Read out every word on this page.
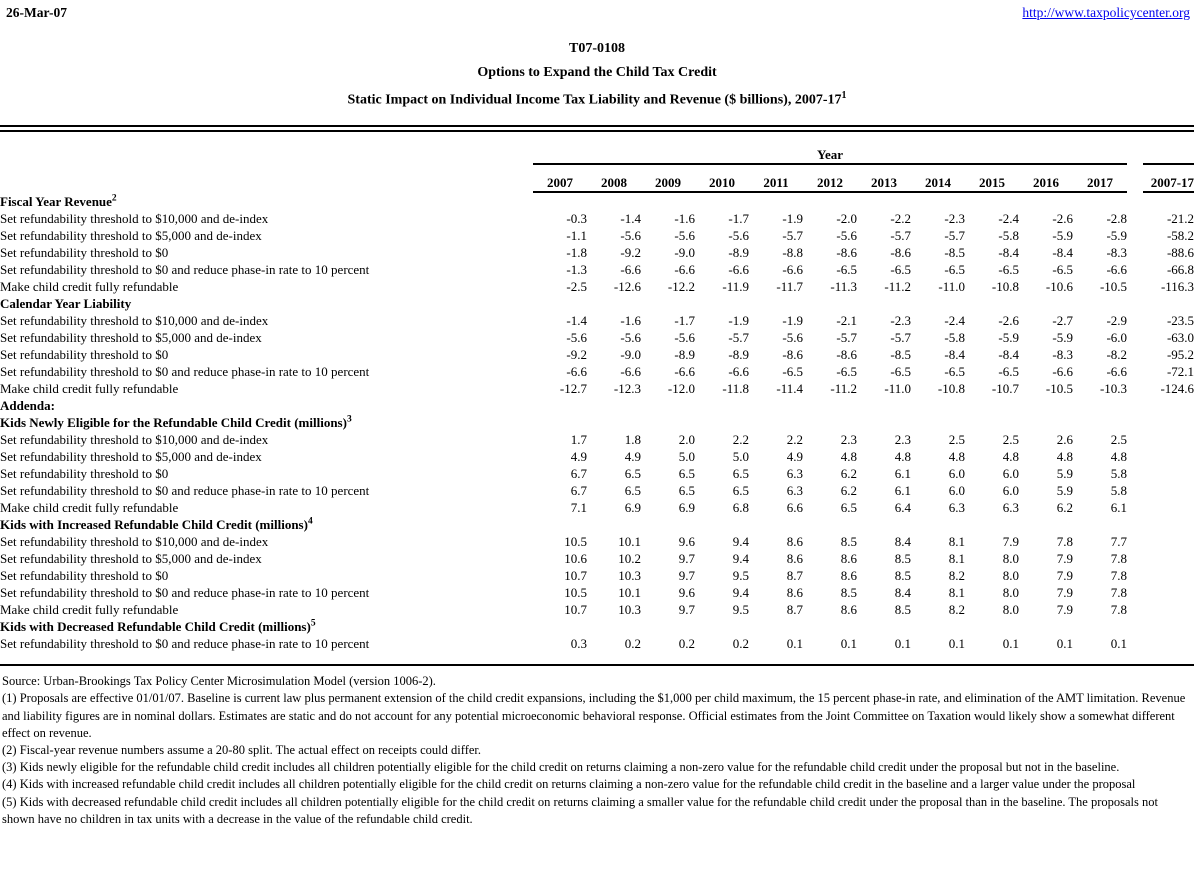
26-Mar-07	http://www.taxpolicycenter.org
T07-0108
Options to Expand the Child Tax Credit
Static Impact on Individual Income Tax Liability and Revenue ($ billions), $2007-17^1$
	Year												
	2007	2008	2009	2010	2011	2012	2013	2014	2015	2016	2017		2007-17
Fiscal Year Revenue$^2$
Set refundability threshold to $10,000 and de-index	-0.3	-1.4	-1.6	-1.7	-1.9	-2.0	-2.2	-2.3	-2.4	-2.6	-2.8		-21.2
Set refundability threshold to $5,000 and de-index	-1.1	-5.6	-5.6	-5.6	-5.7	-5.6	-5.7	-5.7	-5.8	-5.9	-5.9		-58.2
Set refundability threshold to $0	-1.8	-9.2	-9.0	-8.9	-8.8	-8.6	-8.6	-8.5	-8.4	-8.4	-8.3		-88.6
Set refundability threshold to $0 and reduce phase-in rate to 10 percent	-1.3	-6.6	-6.6	-6.6	-6.6	-6.5	-6.5	-6.5	-6.5	-6.5	-6.6		-66.8
Make child credit fully refundable	-2.5	-12.6	-12.2	-11.9	-11.7	-11.3	-11.2	-11.0	-10.8	-10.6	-10.5		-116.3
Calendar Year Liability													
Set refundability threshold to $10,000 and de-index	-1.4	-1.6	-1.7	-1.9	-1.9	-2.1	-2.3	-2.4	-2.6	-2.7	-2.9		-23.5
Set refundability threshold to $5,000 and de-index	-5.6	-5.6	-5.6	-5.7	-5.6	-5.7	-5.7	-5.8	-5.9	-5.9	-6.0		-63.0
Set refundability threshold to $0	-9.2	-9.0	-8.9	-8.9	-8.6	-8.6	-8.5	-8.4	-8.4	-8.3	-8.2		-95.2
Set refundability threshold to $0 and reduce phase-in rate to 10 percent	-6.6	-6.6	-6.6	-6.6	-6.5	-6.5	-6.5	-6.5	-6.5	-6.6	-6.6		-72.1
Make child credit fully refundable	-12.7	-12.3	-12.0	-11.8	-11.4	-11.2	-11.0	-10.8	-10.7	-10.5	-10.3		-124.6
Addenda:													
Kids Newly Eligible for the Refundable Child Credit (millions)$^3$
Set refundability threshold to $10,000 and de-index	1.7	1.8	2.0	2.2	2.2	2.3	2.3	2.5	2.5	2.6	2.5		
Set refundability threshold to $5,000 and de-index	4.9	4.9	5.0	5.0	4.9	4.8	4.8	4.8	4.8	4.8	4.8		
Set refundability threshold to $0	6.7	6.5	6.5	6.5	6.3	6.2	6.1	6.0	6.0	5.9	5.8		
Set refundability threshold to $0 and reduce phase-in rate to 10 percent	6.7	6.5	6.5	6.5	6.3	6.2	6.1	6.0	6.0	5.9	5.8		
Make child credit fully refundable	7.1	6.9	6.9	6.8	6.6	6.5	6.4	6.3	6.3	6.2	6.1		
Kids with Increased Refundable Child Credit (millions)$^4$
Set refundability threshold to $10,000 and de-index	10.5	10.1	9.6	9.4	8.6	8.5	8.4	8.1	7.9	7.8	7.7		
Set refundability threshold to $5,000 and de-index	10.6	10.2	9.7	9.4	8.6	8.6	8.5	8.1	8.0	7.9	7.8		
Set refundability threshold to $0	10.7	10.3	9.7	9.5	8.7	8.6	8.5	8.2	8.0	7.9	7.8		
Set refundability threshold to $0 and reduce phase-in rate to 10 percent	10.5	10.1	9.6	9.4	8.6	8.5	8.4	8.1	8.0	7.9	7.8		
Make child credit fully refundable	10.7	10.3	9.7	9.5	8.7	8.6	8.5	8.2	8.0	7.9	7.8		
Kids with Decreased Refundable Child Credit (millions)$^5$
Set refundability threshold to $0 and reduce phase-in rate to 10 percent	0.3	0.2	0.2	0.2	0.1	0.1	0.1	0.1	0.1	0.1	0.1		

Source: Urban-Brookings Tax Policy Center Microsimulation Model (version 1006-2).

(1) Proposals are effective 01/01/07. Baseline is current law plus permanent extension of the child credit expansions, including the $1,000 per child maximum, the 15 percent phase-in rate, and elimination of the AMT limitation. Revenue and liability figures are in nominal dollars. Estimates are static and do not account for any potential microeconomic behavioral response. Official estimates from the Joint Committee on Taxation would likely show a somewhat different effect on revenue.

(2) Fiscal-year revenue numbers assume a 20-80 split. The actual effect on receipts could differ.

(3) Kids newly eligible for the refundable child credit includes all children potentially eligible for the child credit on returns claiming a non-zero value for the refundable child credit under the proposal but not in the baseline.

(4) Kids with increased refundable child credit includes all children potentially eligible for the child credit on returns claiming a non-zero value for the refundable child credit in the baseline and a larger value under the proposal

(5) Kids with decreased refundable child credit includes all children potentially eligible for the child credit on returns claiming a smaller value for the refundable child credit under the proposal than in the baseline. The proposals not shown have no children in tax units with a decrease in the value of the refundable child credit.
